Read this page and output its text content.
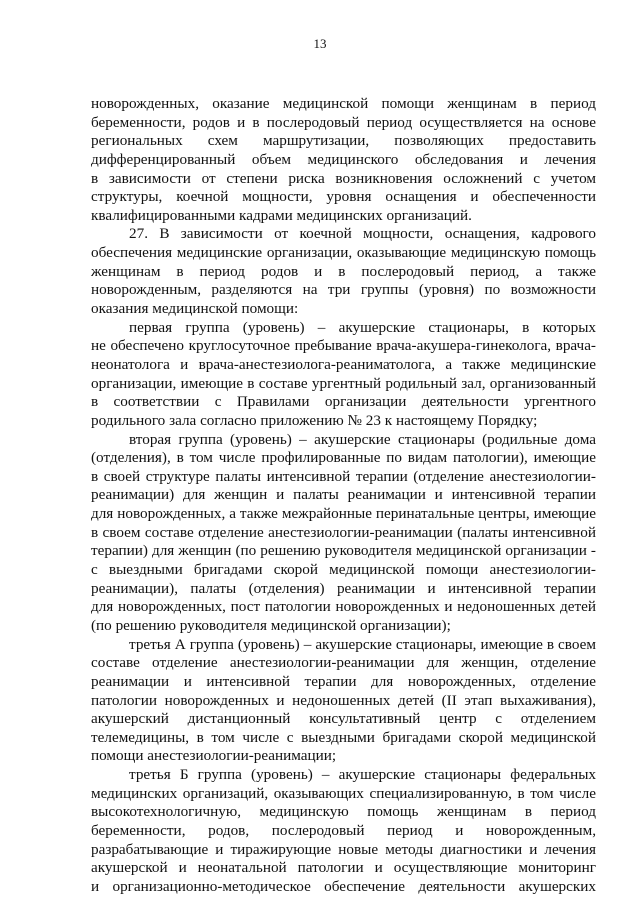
13
новорожденных, оказание медицинской помощи женщинам в период
беременности, родов и в послеродовый период осуществляется на основе
региональных схем маршрутизации, позволяющих предоставить
дифференцированный объем медицинского обследования и лечения
в зависимости от степени риска возникновения осложнений с учетом
структуры, коечной мощности, уровня оснащения и обеспеченности
квалифицированными кадрами медицинских организаций.
27. В зависимости от коечной мощности, оснащения, кадрового
обеспечения медицинские организации, оказывающие медицинскую помощь
женщинам в период родов и в послеродовый период, а также
новорожденным, разделяются на три группы (уровня) по возможности
оказания медицинской помощи:
первая группа (уровень) – акушерские стационары, в которых
не обеспечено круглосуточное пребывание врача-акушера-гинеколога, врача-
неонатолога и врача-анестезиолога-реаниматолога, а также медицинские
организации, имеющие в составе ургентный родильный зал, организованный
в соответствии с Правилами организации деятельности ургентного
родильного зала согласно приложению № 23 к настоящему Порядку;
вторая группа (уровень) – акушерские стационары (родильные дома
(отделения), в том числе профилированные по видам патологии), имеющие
в своей структуре палаты интенсивной терапии (отделение анестезиологии-
реанимации) для женщин и палаты реанимации и интенсивной терапии
для новорожденных, а также межрайонные перинатальные центры, имеющие
в своем составе отделение анестезиологии-реанимации (палаты интенсивной
терапии) для женщин (по решению руководителя медицинской организации -
с выездными бригадами скорой медицинской помощи анестезиологии-
реанимации), палаты (отделения) реанимации и интенсивной терапии
для новорожденных, пост патологии новорожденных и недоношенных детей
(по решению руководителя медицинской организации);
третья А группа (уровень) – акушерские стационары, имеющие в своем
составе отделение анестезиологии-реанимации для женщин, отделение
реанимации и интенсивной терапии для новорожденных, отделение
патологии новорожденных и недоношенных детей (II этап выхаживания),
акушерский дистанционный консультативный центр с отделением
телемедицины, в том числе с выездными бригадами скорой медицинской
помощи анестезиологии-реанимации;
третья Б группа (уровень) – акушерские стационары федеральных
медицинских организаций, оказывающих специализированную, в том числе
высокотехнологичную, медицинскую помощь женщинам в период
беременности, родов, послеродовый период и новорожденным,
разрабатывающие и тиражирующие новые методы диагностики и лечения
акушерской и неонатальной патологии и осуществляющие мониторинг
и организационно-методическое обеспечение деятельности акушерских
